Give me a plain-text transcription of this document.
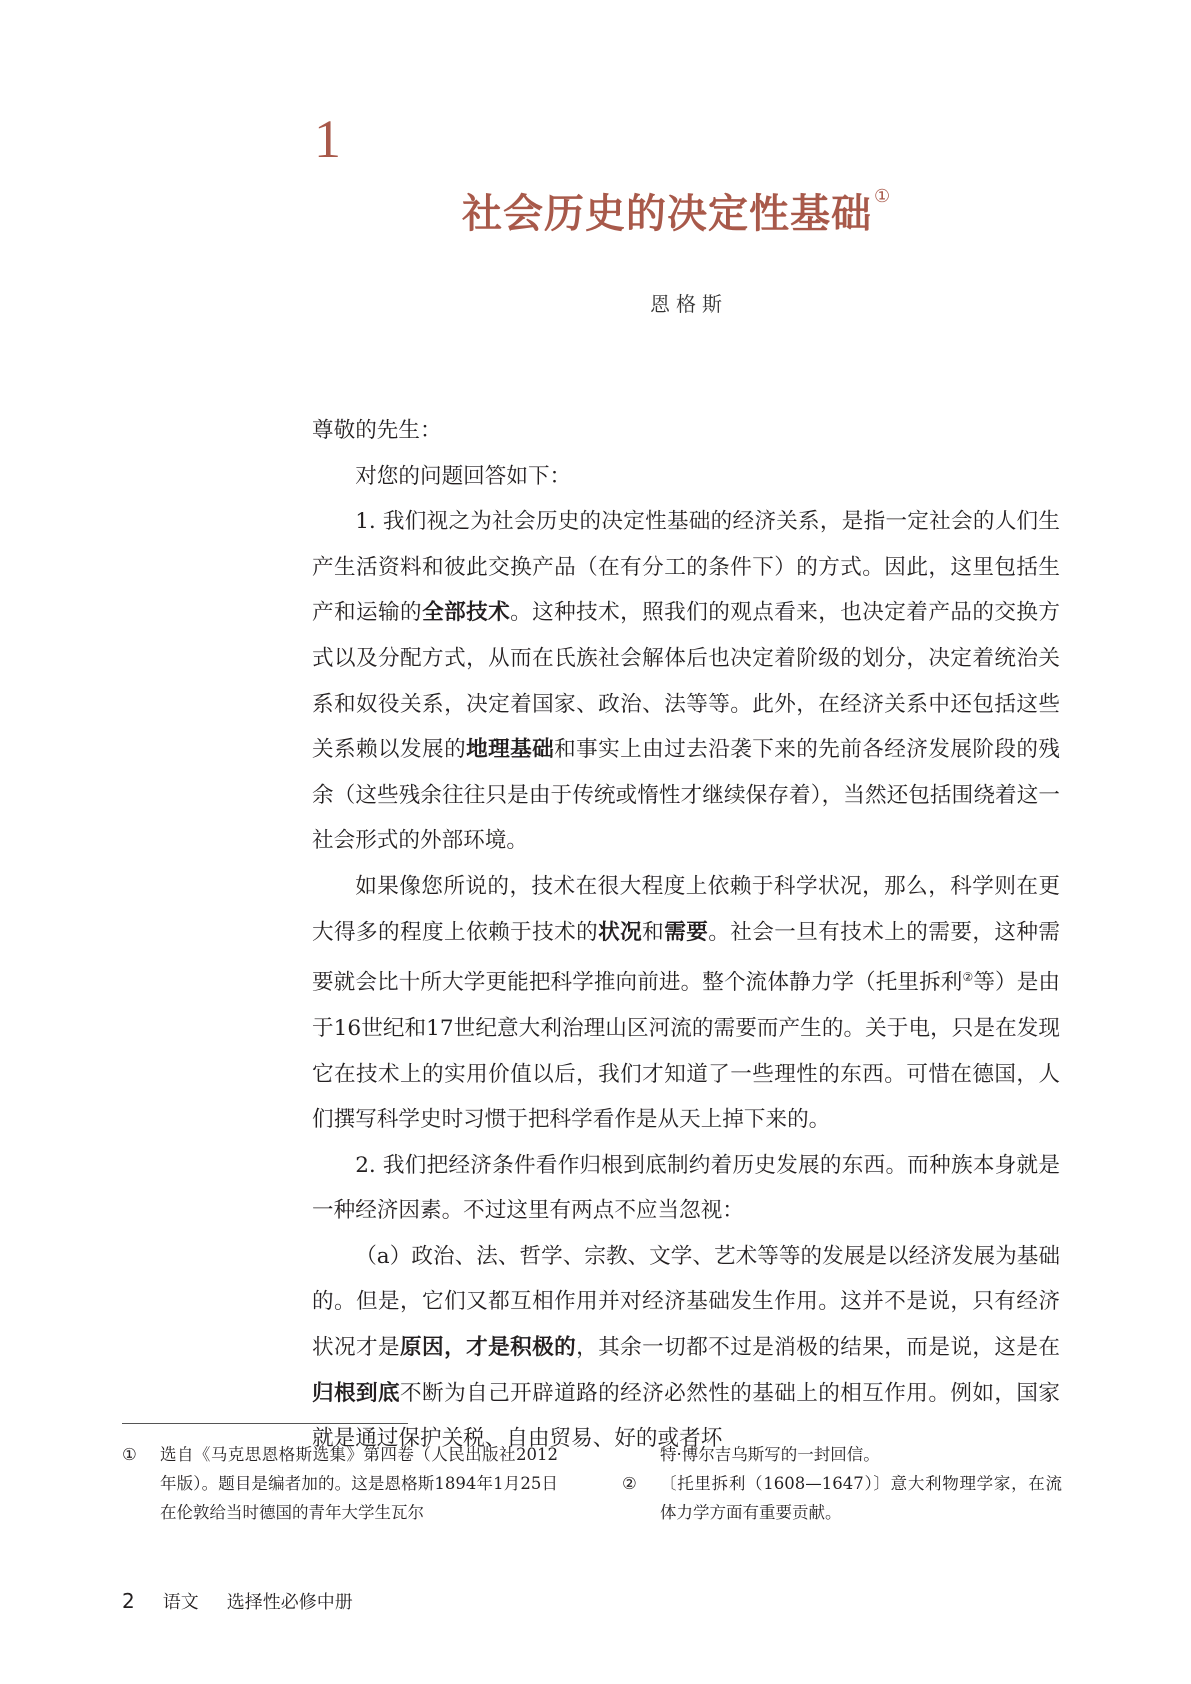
1
社会历史的决定性基础 ①
恩格斯

尊敬的先生：

对您的问题回答如下：

1. 我们视之为社会历史的决定性基础的经济关系，是指一定社会的人们生产生活资料和彼此交换产品（在有分工的条件下）的方式。因此，这里包括生产和运输的全部技术。这种技术，照我们的观点看来，也决定着产品的交换方式以及分配方式，从而在氏族社会解体后也决定着阶级的划分，决定着统治关系和奴役关系，决定着国家、政治、法等等。此外，在经济关系中还包括这些关系赖以发展的地理基础和事实上由过去沿袭下来的先前各经济发展阶段的残余（这些残余往往只是由于传统或惰性才继续保存着），当然还包括围绕着这一社会形式的外部环境。

如果像您所说的，技术在很大程度上依赖于科学状况，那么，科学则在更大得多的程度上依赖于技术的状况和需要。社会一旦有技术上的需要，这种需要就会比十所大学更能把科学推向前进。整个流体静力学（托里拆利②等）是由于16世纪和17世纪意大利治理山区河流的需要而产生的。关于电，只是在发现它在技术上的实用价值以后，我们才知道了一些理性的东西。可惜在德国，人们撰写科学史时习惯于把科学看作是从天上掉下来的。

2. 我们把经济条件看作归根到底制约着历史发展的东西。而种族本身就是一种经济因素。不过这里有两点不应当忽视：

（a）政治、法、哲学、宗教、文学、艺术等等的发展是以经济发展为基础的。但是，它们又都互相作用并对经济基础发生作用。这并不是说，只有经济状况才是原因，才是积极的，其余一切都不过是消极的结果，而是说，这是在归根到底不断为自己开辟道路的经济必然性的基础上的相互作用。例如，国家就是通过保护关税、自由贸易、好的或者坏

① 选自《马克思恩格斯选集》第四卷（人民出版社2012年版）。题目是编者加的。这是恩格斯1894年1月25日在伦敦给当时德国的青年大学生瓦尔
特·博尔吉乌斯写的一封回信。
② 〔托里拆利（1608—1647）〕意大利物理学家，在流体力学方面有重要贡献。
2 语文 选择性必修中册
